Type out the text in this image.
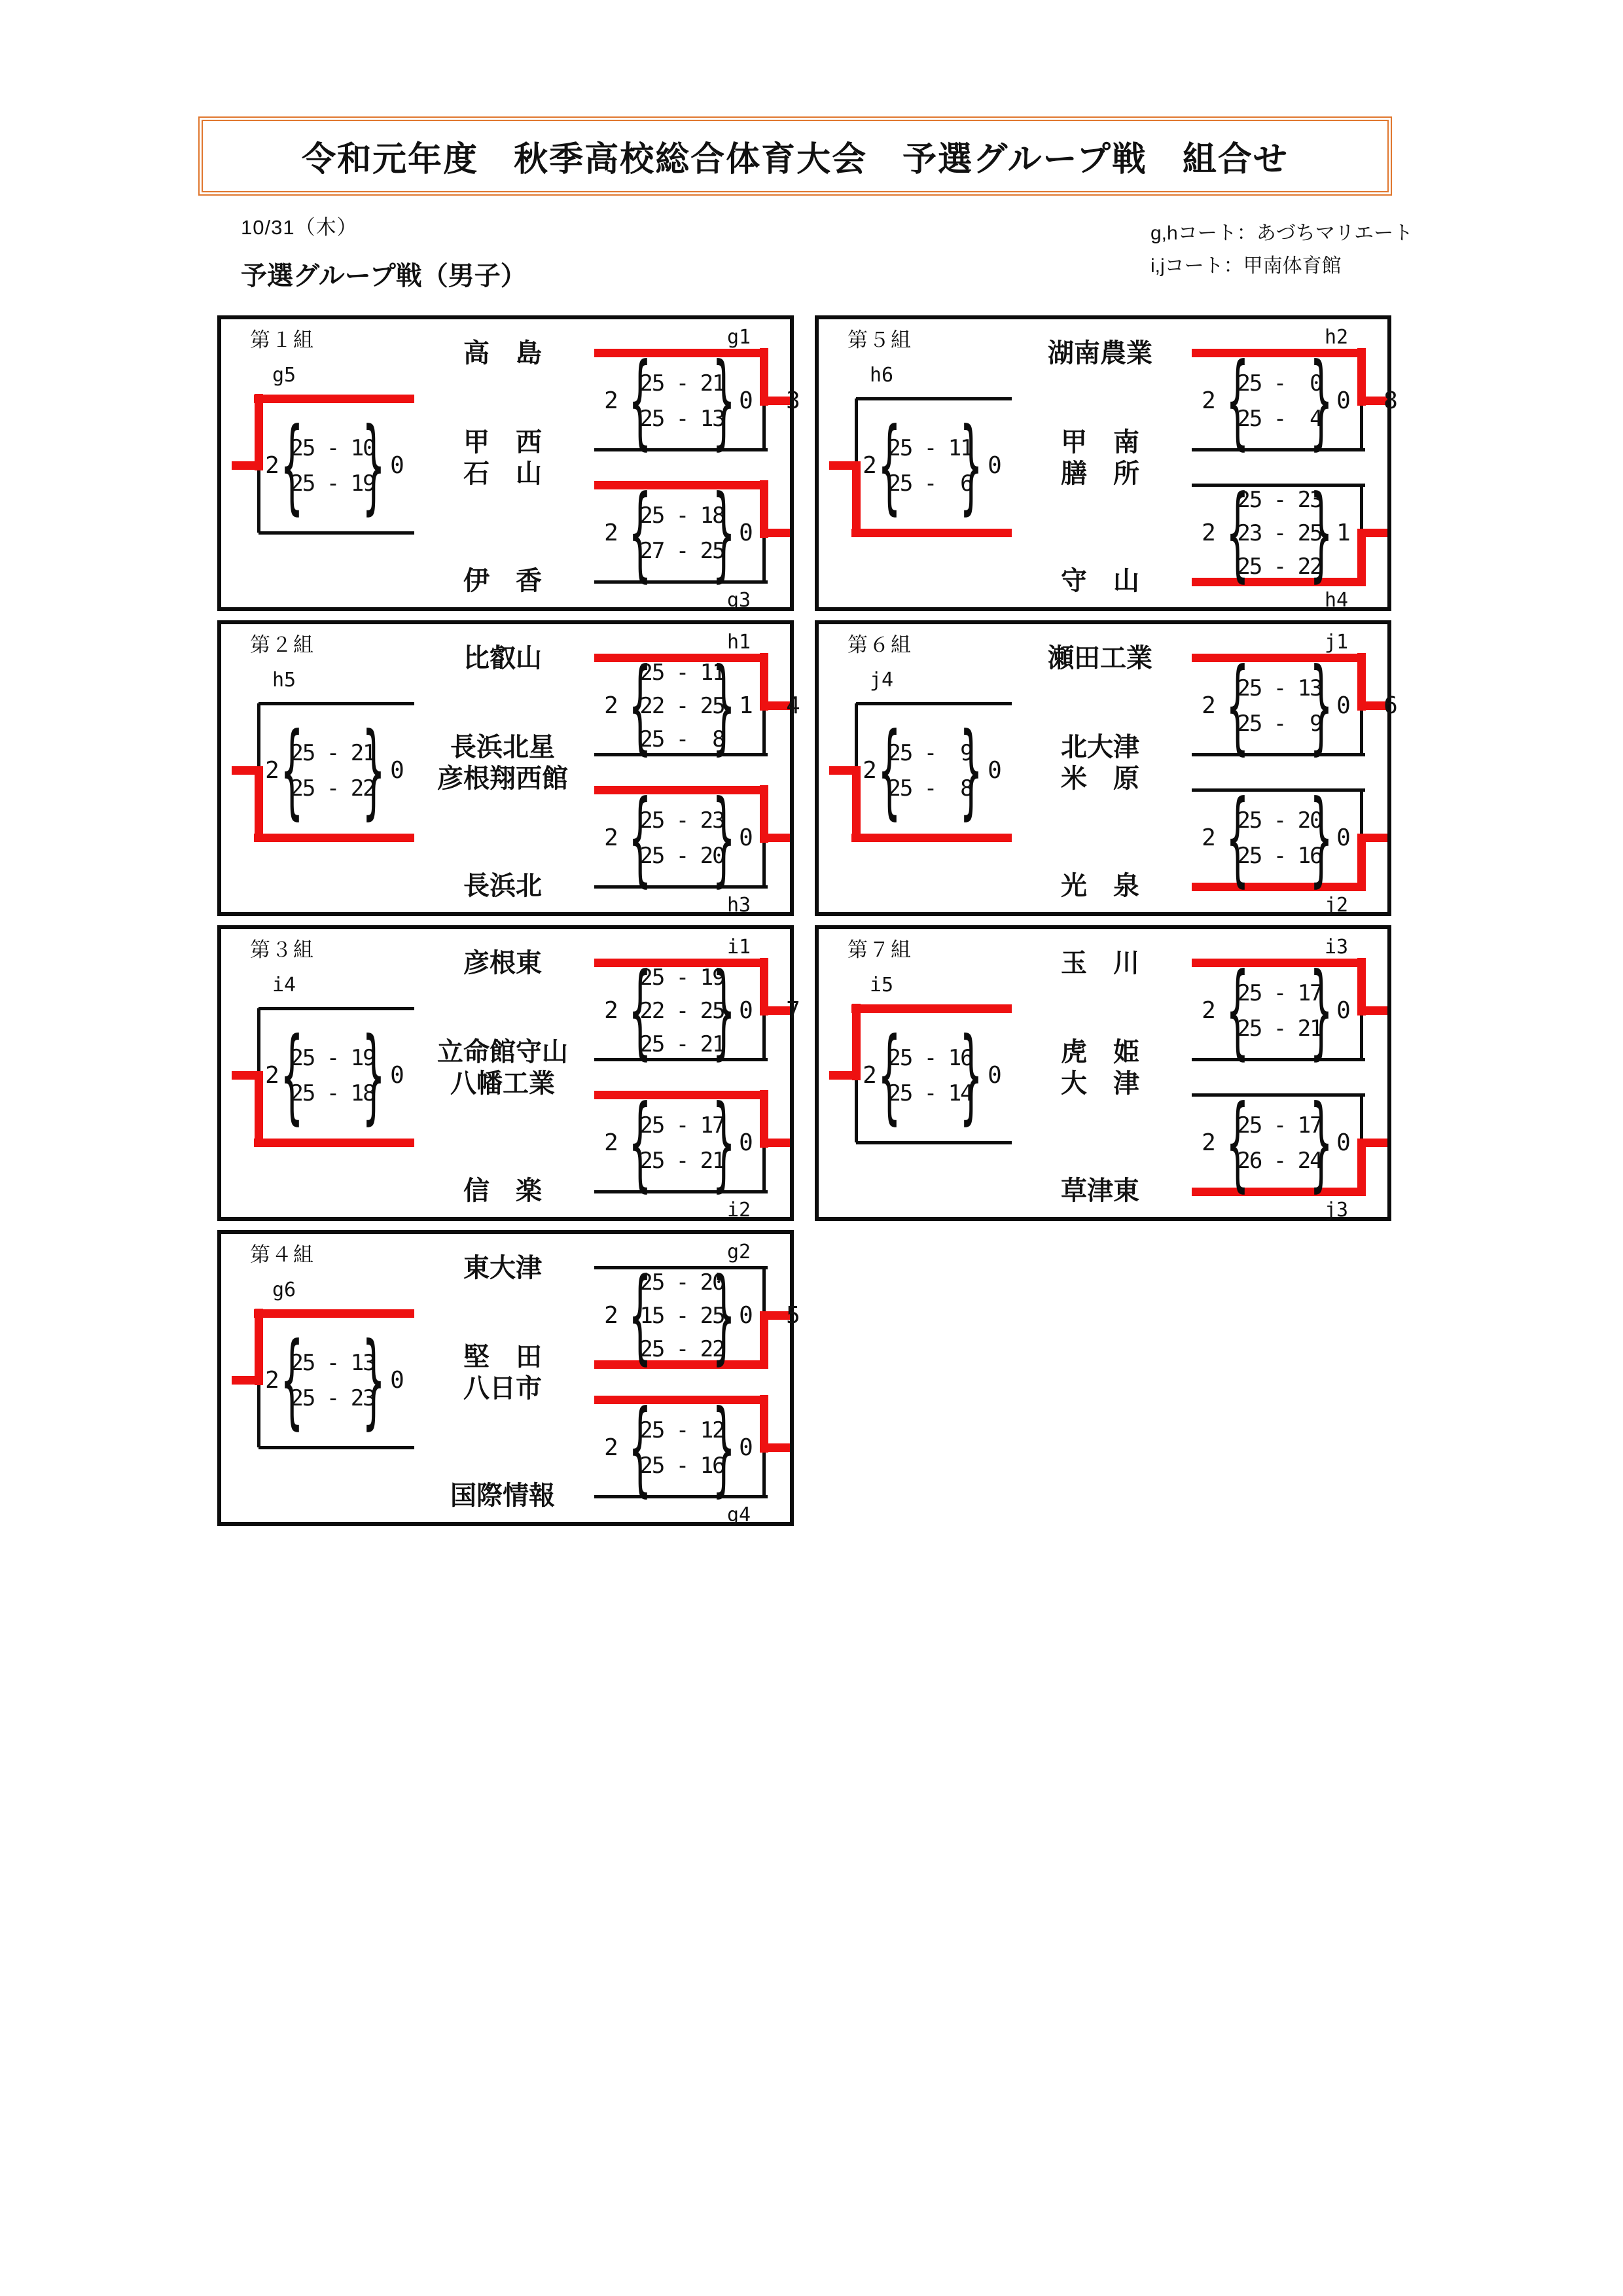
令和元年度　秋季高校総合体育大会　予選グループ戦　組合せ
10/31（木）	g,hコート：あづちマリエート
i,jコート：甲南体育館
予選グループ戦（男子）
第１組	高　島
甲　西
石　山
伊　香
g5
2 {
25 - 10
25 - 19
} 0
g1
2 {
25 - 21
25 - 13
} 0	3
g3
2 {
25 - 18
27 - 25
} 0
第２組	比叡山
長浜北星
彦根翔西館
長浜北
h5
2 {
25 - 21
25 - 22
} 0
h1
2 {
25 - 11
22 - 25
25 -  8
} 1	4
h3
2 {
25 - 23
25 - 20
} 0
第３組	彦根東
立命館守山
八幡工業
信　楽
i4
2 {
25 - 19
25 - 18
} 0
i1
2 {
25 - 19
22 - 25
25 - 21
} 0	7
i2
2 {
25 - 17
25 - 21
} 0
第４組	東大津
堅　田
八日市
国際情報
g6
2 {
25 - 13
25 - 23
} 0
g2
2 {
25 - 20
15 - 25
25 - 22
} 0	5
g4
2 {
25 - 12
25 - 16
} 0
第５組	湖南農業
甲　南
膳　所
守　山
h6
2 {
25 - 11
25 -  6
} 0
h2
2 {
25 -  0
25 -  4
} 0	8
h4
2 {
25 - 23
23 - 25
25 - 22
} 1
第６組	瀬田工業
北大津
米　原
光　泉
j4
2 {
25 -  9
25 -  8
} 0
j1
2 {
25 - 13
25 -  9
} 0	6
j2
2 {
25 - 20
25 - 16
} 0
第７組	玉　川
虎　姫
大　津
草津東
i5
2 {
25 - 16
25 - 14
} 0
i3
2 {
25 - 17
25 - 21
} 0
j3
2 {
25 - 17
26 - 24
} 0
